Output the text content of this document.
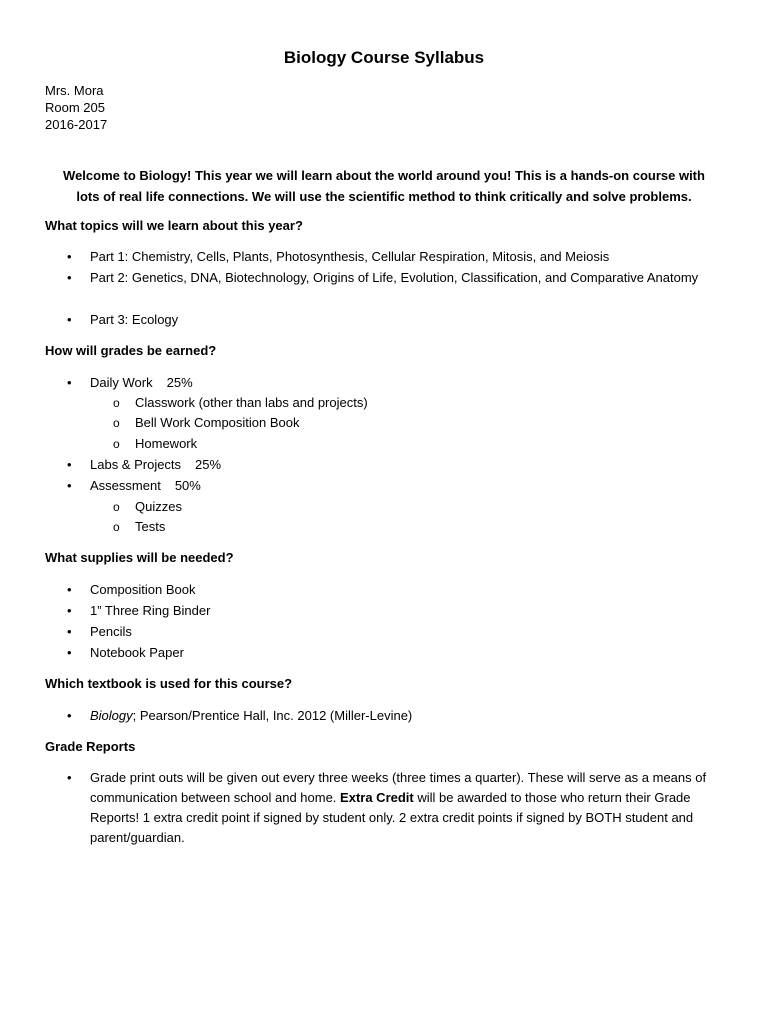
Biology Course Syllabus
Mrs. Mora
Room 205
2016-2017
Welcome to Biology! This year we will learn about the world around you! This is a hands-on course with lots of real life connections. We will use the scientific method to think critically and solve problems.
What topics will we learn about this year?
• Part 1: Chemistry, Cells, Plants, Photosynthesis, Cellular Respiration, Mitosis, and Meiosis
• Part 2: Genetics, DNA, Biotechnology, Origins of Life, Evolution, Classification, and Comparative Anatomy
• Part 3: Ecology
How will grades be earned?
• Daily Work 25%
o Classwork (other than labs and projects)
o Bell Work Composition Book
o Homework
• Labs & Projects 25%
• Assessment 50%
o Quizzes
o Tests
What supplies will be needed?
• Composition Book
• 1” Three Ring Binder
• Pencils
• Notebook Paper
Which textbook is used for this course?
• Biology; Pearson/Prentice Hall, Inc. 2012 (Miller-Levine)
Grade Reports
• Grade print outs will be given out every three weeks (three times a quarter). These will serve as a means of communication between school and home. Extra Credit will be awarded to those who return their Grade Reports! 1 extra credit point if signed by student only. 2 extra credit points if signed by BOTH student and parent/guardian.
